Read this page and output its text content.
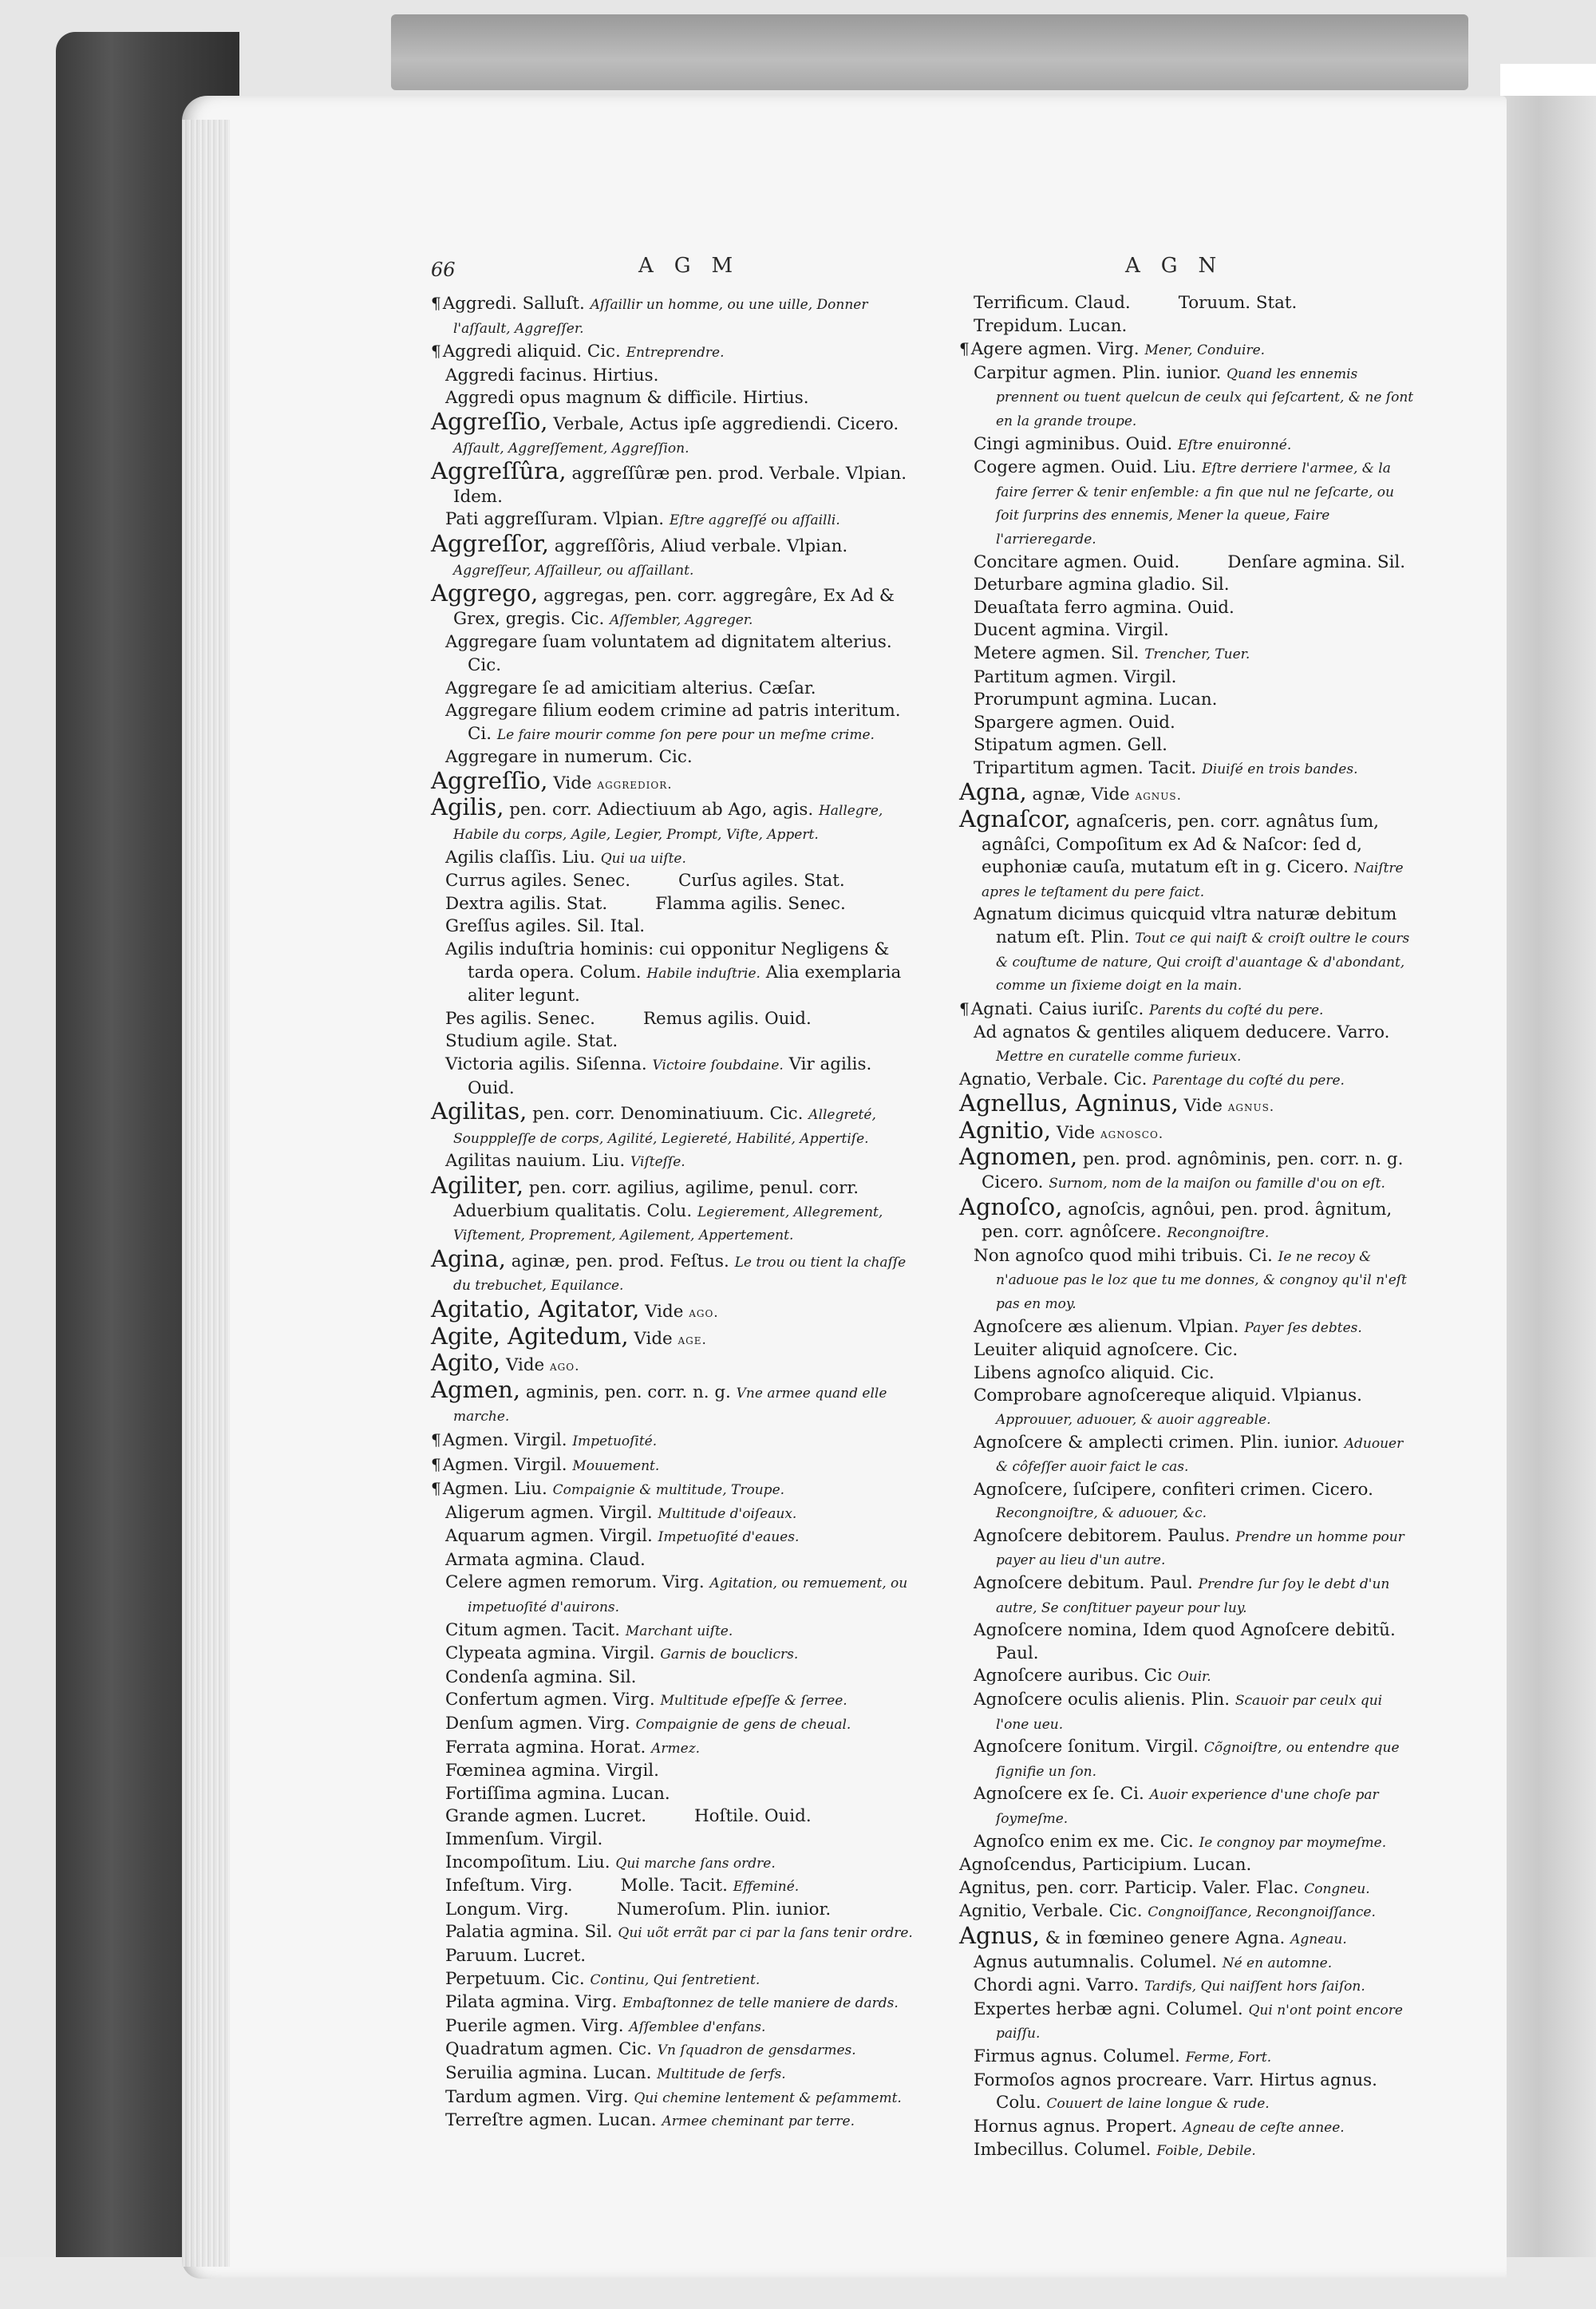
66	AGM	AGN

¶Aggredi. Salluſt. Aſſaillir un homme, ou une uille, Donner l'aſſault, Aggreſſer.

¶Aggredi aliquid. Cic. Entreprendre.

Aggredi facinus. Hirtius.

Aggredi opus magnum & difficile. Hirtius.

Aggreſſio, Verbale, Actus ipſe aggrediendi. Cicero. Aſſault, Aggreſſement, Aggreſſion.

Aggreſſûra, aggreſſûræ pen. prod. Verbale. Vlpian. Idem.

Pati aggreſſuram. Vlpian. Eſtre aggreſſé ou aſſailli.

Aggreſſor, aggreſſôris, Aliud verbale. Vlpian. Aggreſſeur, Aſſailleur, ou aſſaillant.

Aggrego, aggregas, pen. corr. aggregâre, Ex Ad & Grex, gregis. Cic. Aſſembler, Aggreger.

Aggregare ſuam voluntatem ad dignitatem alterius. Cic.

Aggregare ſe ad amicitiam alterius. Cæſar.

Aggregare filium eodem crimine ad patris interitum. Ci. Le faire mourir comme ſon pere pour un meſme crime.

Aggregare in numerum. Cic.

Aggreſſio, Vide aggredior.

Agilis, pen. corr. Adiectiuum ab Ago, agis. Hallegre, Habile du corps, Agile, Legier, Prompt, Viſte, Appert.

Agilis claſſis. Liu. Qui ua uiſte.

Currus agiles. Senec.	Curſus agiles. Stat.

Dextra agilis. Stat.	Flamma agilis. Senec.

Greſſus agiles. Sil. Ital.

Agilis induſtria hominis: cui opponitur Negligens & tarda opera. Colum. Habile induſtrie. Alia exemplaria aliter legunt.

Pes agilis. Senec.	Remus agilis. Ouid.

Studium agile. Stat.

Victoria agilis. Siſenna. Victoire ſoubdaine. Vir agilis. Ouid.

Agilitas, pen. corr. Denominatiuum. Cic. Allegreté, Soupppleſſe de corps, Agilité, Legiereté, Habilité, Appertiſe.

Agilitas nauium. Liu. Viſteſſe.

Agiliter, pen. corr. agilius, agilime, penul. corr. Aduerbium qualitatis. Colu. Legierement, Allegrement, Viſtement, Proprement, Agilement, Appertement.

Agina, aginæ, pen. prod. Feſtus. Le trou ou tient la chaſſe du trebuchet, Equilance.

Agitatio, Agitator, Vide ago.

Agite, Agitedum, Vide age.

Agito, Vide ago.

Agmen, agminis, pen. corr. n. g. Vne armee quand elle marche.

¶Agmen. Virgil. Impetuoſité.

¶Agmen. Virgil. Mouuement.

¶Agmen. Liu. Compaignie & multitude, Troupe.

Aligerum agmen. Virgil. Multitude d'oiſeaux.

Aquarum agmen. Virgil. Impetuoſité d'eaues.

Armata agmina. Claud.

Celere agmen remorum. Virg. Agitation, ou remuement, ou impetuoſité d'auirons.

Citum agmen. Tacit. Marchant uiſte.

Clypeata agmina. Virgil. Garnis de bouclicrs.

Condenſa agmina. Sil.

Confertum agmen. Virg. Multitude eſpeſſe & ſerree.

Denſum agmen. Virg. Compaignie de gens de cheual.

Ferrata agmina. Horat. Armez.

Fœminea agmina. Virgil.

Fortiſſima agmina. Lucan.

Grande agmen. Lucret.	Hoſtile. Ouid.

Immenſum. Virgil.

Incompoſitum. Liu. Qui marche ſans ordre.

Infeſtum. Virg.	Molle. Tacit. Effeminé.

Longum. Virg.	Numeroſum. Plin. iunior.

Palatia agmina. Sil. Qui uõt errãt par ci par la ſans tenir ordre.

Paruum. Lucret.

Perpetuum. Cic. Continu, Qui ſentretient.

Pilata agmina. Virg. Embaſtonnez de telle maniere de dards.

Puerile agmen. Virg. Aſſemblee d'enfans.

Quadratum agmen. Cic. Vn ſquadron de gensdarmes.

Seruilia agmina. Lucan. Multitude de ſerfs.

Tardum agmen. Virg. Qui chemine lentement & peſammemt.

Terreſtre agmen. Lucan. Armee cheminant par terre.

Terrificum. Claud.	Toruum. Stat.

Trepidum. Lucan.

¶Agere agmen. Virg. Mener, Conduire.

Carpitur agmen. Plin. iunior. Quand les ennemis prennent ou tuent quelcun de ceulx qui ſeſcartent, & ne ſont en la grande troupe.

Cingi agminibus. Ouid. Eſtre enuironné.

Cogere agmen. Ouid. Liu. Eſtre derriere l'armee, & la faire ſerrer & tenir enſemble: a fin que nul ne ſeſcarte, ou ſoit ſurprins des ennemis, Mener la queue, Faire l'arrieregarde.

Concitare agmen. Ouid.	Denſare agmina. Sil.

Deturbare agmina gladio. Sil.

Deuaſtata ferro agmina. Ouid.

Ducent agmina. Virgil.

Metere agmen. Sil. Trencher, Tuer.

Partitum agmen. Virgil.

Prorumpunt agmina. Lucan.

Spargere agmen. Ouid.

Stipatum agmen. Gell.

Tripartitum agmen. Tacit. Diuiſé en trois bandes.

Agna, agnæ, Vide agnus.

Agnaſcor, agnaſceris, pen. corr. agnâtus ſum, agnâſci, Compoſitum ex Ad & Naſcor: ſed d, euphoniæ cauſa, mutatum eſt in g. Cicero. Naiſtre apres le teſtament du pere faict.

Agnatum dicimus quicquid vltra naturæ debitum natum eſt. Plin. Tout ce qui naiſt & croiſt oultre le cours & couſtume de nature, Qui croiſt d'auantage & d'abondant, comme un ſixieme doigt en la main.

¶Agnati. Caius iuriſc. Parents du coſté du pere.

Ad agnatos & gentiles aliquem deducere. Varro. Mettre en curatelle comme furieux.

Agnatio, Verbale. Cic. Parentage du coſté du pere.

Agnellus, Agninus, Vide agnus.

Agnitio, Vide agnosco.

Agnomen, pen. prod. agnôminis, pen. corr. n. g. Cicero. Surnom, nom de la maiſon ou famille d'ou on eſt.

Agnoſco, agnoſcis, agnôui, pen. prod. âgnitum, pen. corr. agnôſcere. Recongnoiſtre.

Non agnoſco quod mihi tribuis. Ci. Ie ne recoy & n'aduoue pas le loz que tu me donnes, & congnoy qu'il n'eſt pas en moy.

Agnoſcere æs alienum. Vlpian. Payer ſes debtes.

Leuiter aliquid agnoſcere. Cic.

Libens agnoſco aliquid. Cic.

Comprobare agnoſcereque aliquid. Vlpianus. Approuuer, aduouer, & auoir aggreable.

Agnoſcere & amplecti crimen. Plin. iunior. Aduouer & côfeſſer auoir faict le cas.

Agnoſcere, ſuſcipere, confiteri crimen. Cicero. Recongnoiſtre, & aduouer, &c.

Agnoſcere debitorem. Paulus. Prendre un homme pour payer au lieu d'un autre.

Agnoſcere debitum. Paul. Prendre ſur ſoy le debt d'un autre, Se conſtituer payeur pour luy.

Agnoſcere nomina, Idem quod Agnoſcere debitũ. Paul.

Agnoſcere auribus. Cic Ouir.

Agnoſcere oculis alienis. Plin. Scauoir par ceulx qui l'one ueu.

Agnoſcere ſonitum. Virgil. Cõgnoiſtre, ou entendre que ſignifie un ſon.

Agnoſcere ex ſe. Ci. Auoir experience d'une choſe par ſoymeſme.

Agnoſco enim ex me. Cic. Ie congnoy par moymeſme.

Agnoſcendus, Participium. Lucan.

Agnitus, pen. corr. Particip. Valer. Flac. Congneu.

Agnitio, Verbale. Cic. Congnoiſſance, Recongnoiſſance.

Agnus, & in fœmineo genere Agna. Agneau.

Agnus autumnalis. Columel. Né en automne.

Chordi agni. Varro. Tardifs, Qui naiſſent hors ſaiſon.

Expertes herbæ agni. Columel. Qui n'ont point encore paiſſu.

Firmus agnus. Columel. Ferme, Fort.

Formoſos agnos procreare. Varr. Hirtus agnus. Colu. Couuert de laine longue & rude.

Hornus agnus. Propert. Agneau de ceſte annee.

Imbecillus. Columel. Foible, Debile.
